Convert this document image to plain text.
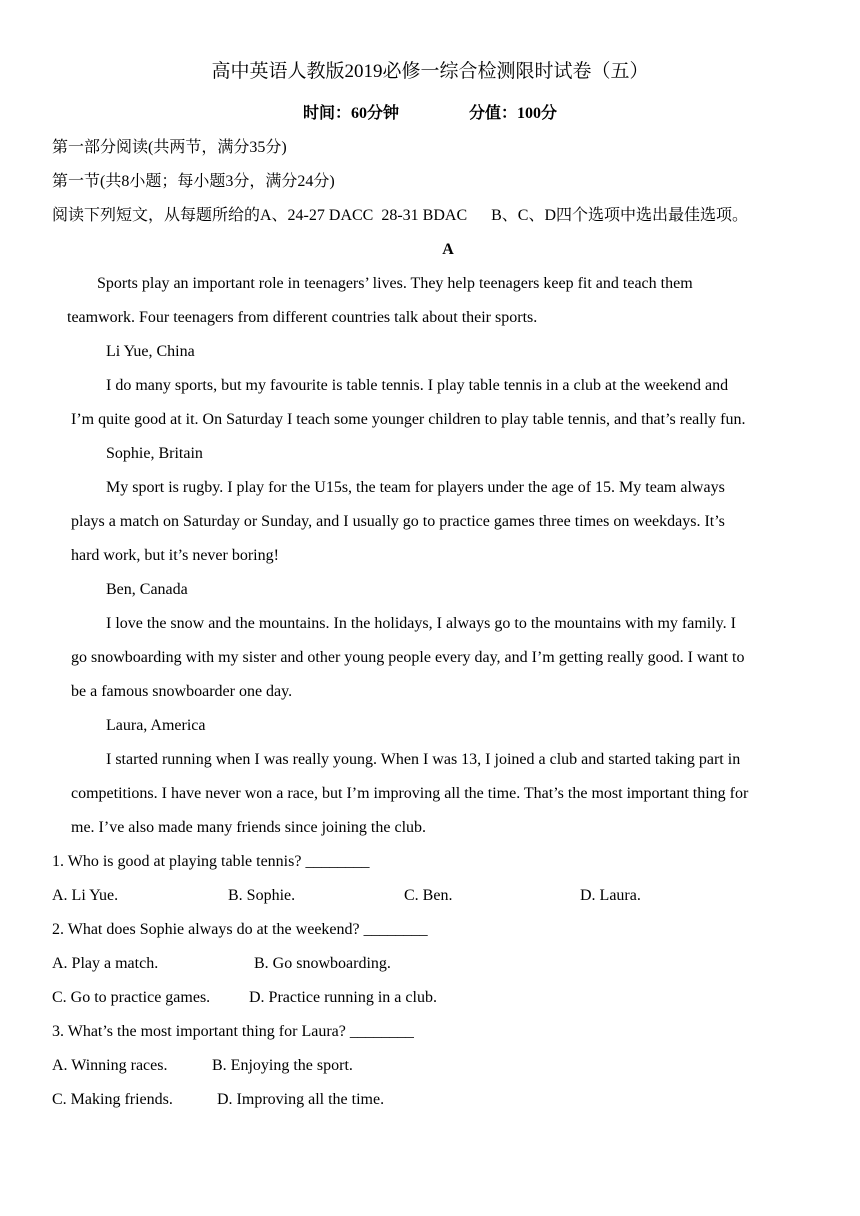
高中英语人教版2019必修一综合检测限时试卷（五）
时间：60分钟	分值：100分
第一部分阅读(共两节，满分35分)
第一节(共8小题；每小题3分，满分24分)
阅读下列短文，从每题所给的A、24-27 DACC  28-31 BDAC      B、C、D四个选项中选出最佳选项。
A
Sports play an important role in teenagers’ lives. They help teenagers keep fit and teach them
teamwork. Four teenagers from different countries talk about their sports.
Li Yue, China
I do many sports, but my favourite is table tennis. I play table tennis in a club at the weekend and
I’m quite good at it. On Saturday I teach some younger children to play table tennis, and that’s really fun.
Sophie, Britain
My sport is rugby. I play for the U15s, the team for players under the age of 15. My team always
plays a match on Saturday or Sunday, and I usually go to practice games three times on weekdays. It’s
hard work, but it’s never boring!
Ben, Canada
I love the snow and the mountains. In the holidays, I always go to the mountains with my family. I
go snowboarding with my sister and other young people every day, and I’m getting really good. I want to
be a famous snowboarder one day.
Laura, America
I started running when I was really young. When I was 13, I joined a club and started taking part in
competitions. I have never won a race, but I’m improving all the time. That’s the most important thing for
me. I’ve also made many friends since joining the club.
1. Who is good at playing table tennis? ________
A. Li Yue.	B. Sophie.	C. Ben.	D. Laura.
2. What does Sophie always do at the weekend? ________
A. Play a match.	B. Go snowboarding.
C. Go to practice games. D. Practice running in a club.
3. What’s the most important thing for Laura? ________
A. Winning races.	B. Enjoying the sport.
C. Making friends.	D. Improving all the time.
